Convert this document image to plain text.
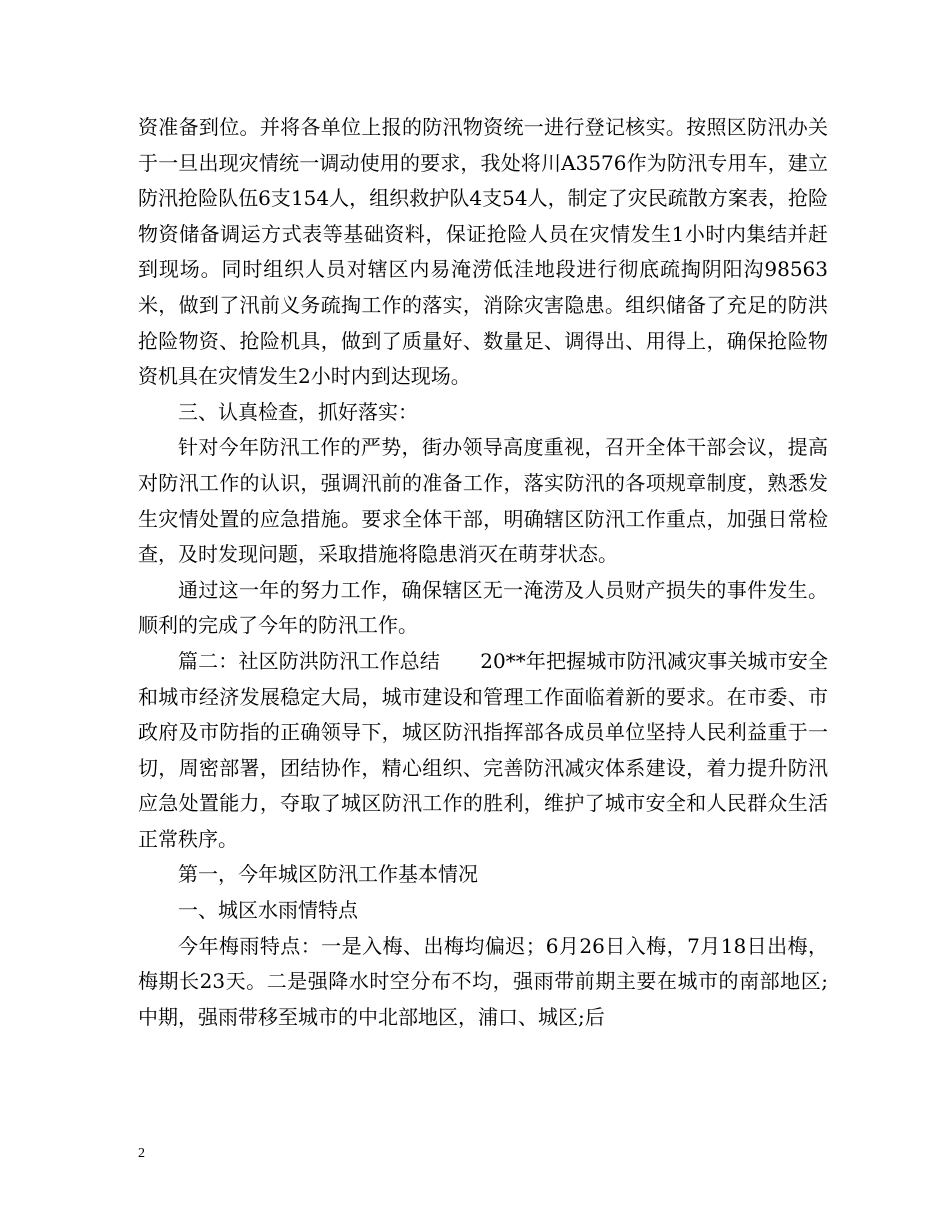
资准备到位。并将各单位上报的防汛物资统一进行登记核实。按照区防汛办关于一旦出现灾情统一调动使用的要求，我处将川A3576作为防汛专用车，建立防汛抢险队伍6支154人，组织救护队4支54人，制定了灾民疏散方案表，抢险物资储备调运方式表等基础资料，保证抢险人员在灾情发生1小时内集结并赶到现场。同时组织人员对辖区内易淹涝低洼地段进行彻底疏掏阴阳沟98563米，做到了汛前义务疏掏工作的落实，消除灾害隐患。组织储备了充足的防洪抢险物资、抢险机具，做到了质量好、数量足、调得出、用得上，确保抢险物资机具在灾情发生2小时内到达现场。

三、认真检查，抓好落实：

针对今年防汛工作的严势，街办领导高度重视，召开全体干部会议，提高对防汛工作的认识，强调汛前的准备工作，落实防汛的各项规章制度，熟悉发生灾情处置的应急措施。要求全体干部，明确辖区防汛工作重点，加强日常检查，及时发现问题，采取措施将隐患消灭在萌芽状态。

通过这一年的努力工作，确保辖区无一淹涝及人员财产损失的事件发生。顺利的完成了今年的防汛工作。

篇二：社区防洪防汛工作总结　　20**年把握城市防汛减灾事关城市安全和城市经济发展稳定大局，城市建设和管理工作面临着新的要求。在市委、市政府及市防指的正确领导下，城区防汛指挥部各成员单位坚持人民利益重于一切，周密部署，团结协作，精心组织、完善防汛减灾体系建设，着力提升防汛应急处置能力，夺取了城区防汛工作的胜利，维护了城市安全和人民群众生活正常秩序。

第一，今年城区防汛工作基本情况

一、城区水雨情特点

今年梅雨特点：一是入梅、出梅均偏迟；6月26日入梅，7月18日出梅，梅期长23天。二是强降水时空分布不均，强雨带前期主要在城市的南部地区;中期，强雨带移至城市的中北部地区，浦口、城区;后

2
